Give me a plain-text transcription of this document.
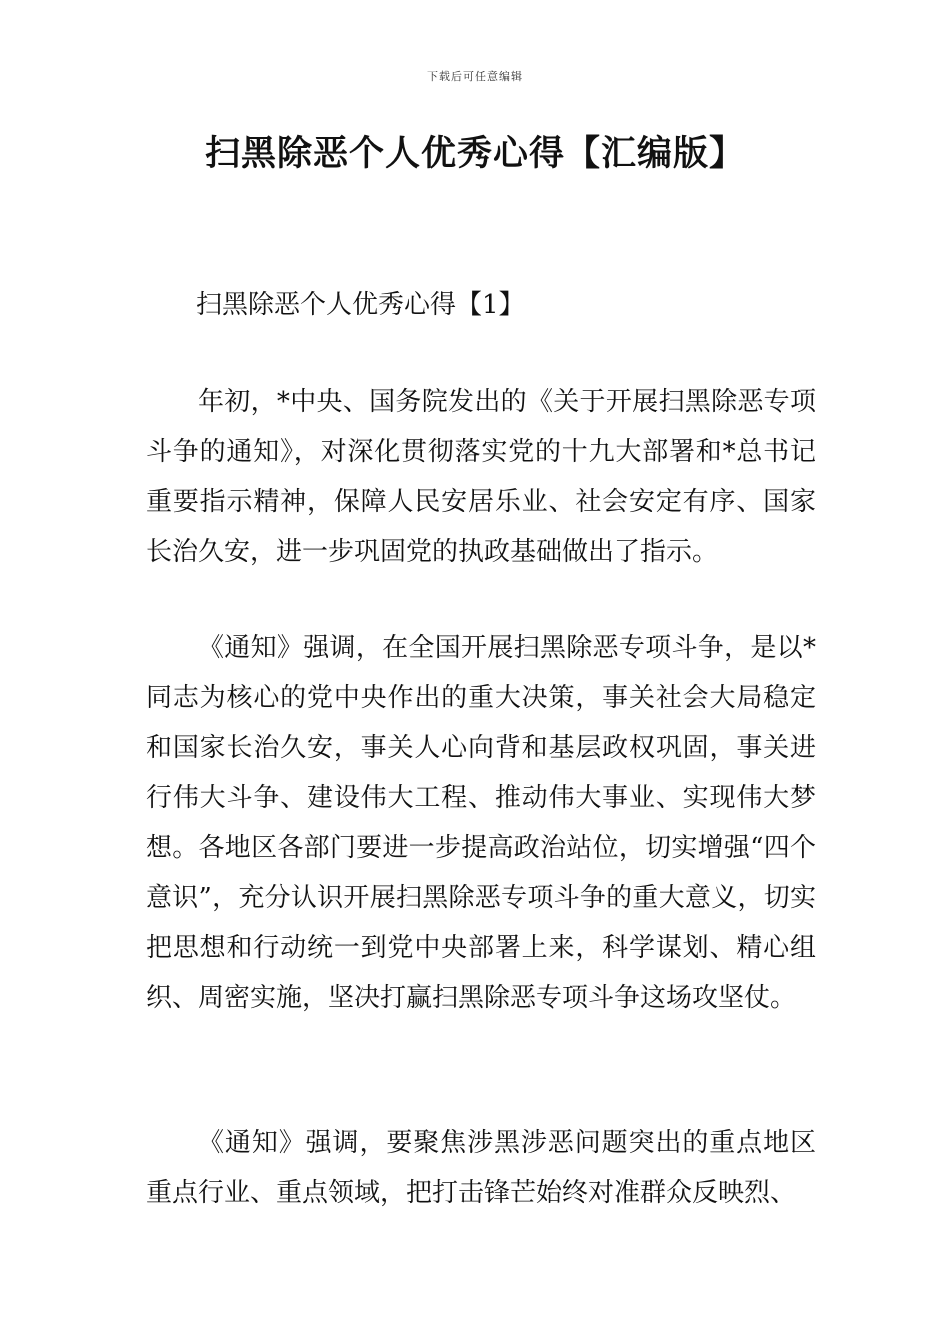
下载后可任意编辑
扫黑除恶个人优秀心得【汇编版】
扫黑除恶个人优秀心得【1】

年初，*中央、国务院发出的《关于开展扫黑除恶专项斗争的通知》，对深化贯彻落实党的十九大部署和*总书记重要指示精神，保障人民安居乐业、社会安定有序、国家长治久安，进一步巩固党的执政基础做出了指示。

《通知》强调，在全国开展扫黑除恶专项斗争，是以*同志为核心的党中央作出的重大决策，事关社会大局稳定和国家长治久安，事关人心向背和基层政权巩固，事关进行伟大斗争、建设伟大工程、推动伟大事业、实现伟大梦想。各地区各部门要进一步提高政治站位，切实增强“四个意识”，充分认识开展扫黑除恶专项斗争的重大意义，切实把思想和行动统一到党中央部署上来，科学谋划、精心组织、周密实施，坚决打赢扫黑除恶专项斗争这场攻坚仗。

《通知》强调，要聚焦涉黑涉恶问题突出的重点地区重点行业、重点领域，把打击锋芒始终对准群众反映烈、
